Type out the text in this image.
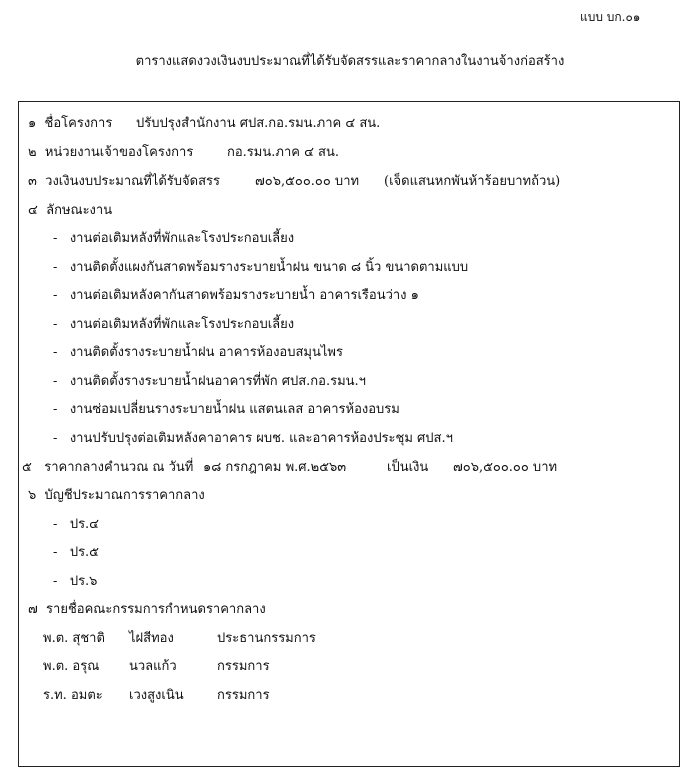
แบบ บก.๐๑
ตารางแสดงวงเงินงบประมาณที่ได้รับจัดสรรและราคากลางในงานจ้างก่อสร้าง
๑ ชื่อโครงการ ปรับปรุงสำนักงาน ศปส.กอ.รมน.ภาค ๔ สน.
๒ หน่วยงานเจ้าของโครงการ	กอ.รมน.ภาค ๔ สน.
๓ วงเงินงบประมาณที่ได้รับจัดสรร	๗๐๖,๕๐๐.๐๐ บาท (เจ็ดแสนหกพันห้าร้อยบาทถ้วน)
๔ ลักษณะงาน
- งานต่อเติมหลังที่พักและโรงประกอบเลี้ยง
- งานติดตั้งแผงกันสาดพร้อมรางระบายน้ำฝน ขนาด ๘ นิ้ว ขนาดตามแบบ
- งานต่อเติมหลังคากันสาดพร้อมรางระบายน้ำ อาคารเรือนว่าง ๑
- งานต่อเติมหลังที่พักและโรงประกอบเลี้ยง
- งานติดตั้งรางระบายน้ำฝน อาคารห้องอบสมุนไพร
- งานติดตั้งรางระบายน้ำฝนอาคารที่พัก ศปส.กอ.รมน.ฯ
- งานซ่อมเปลี่ยนรางระบายน้ำฝน แสตนเลส อาคารห้องอบรม
- งานปรับปรุงต่อเติมหลังคาอาคาร ผบช. และอาคารห้องประชุม ศปส.ฯ
๕ ราคากลางคำนวณ ณ วันที่ ๑๘ กรกฎาคม พ.ศ.๒๕๖๓	เป็นเงิน ๗๐๖,๕๐๐.๐๐ บาท
๖ บัญชีประมาณการราคากลาง
- ปร.๔
- ปร.๕
- ปร.๖
๗ รายชื่อคณะกรรมการกำหนดราคากลาง
พ.ต. สุชาติ ไฝสีทอง	ประธานกรรมการ
พ.ต. อรุณ นวลแก้ว	กรรมการ
ร.ท. อมตะ เวงสูงเนิน	กรรมการ
